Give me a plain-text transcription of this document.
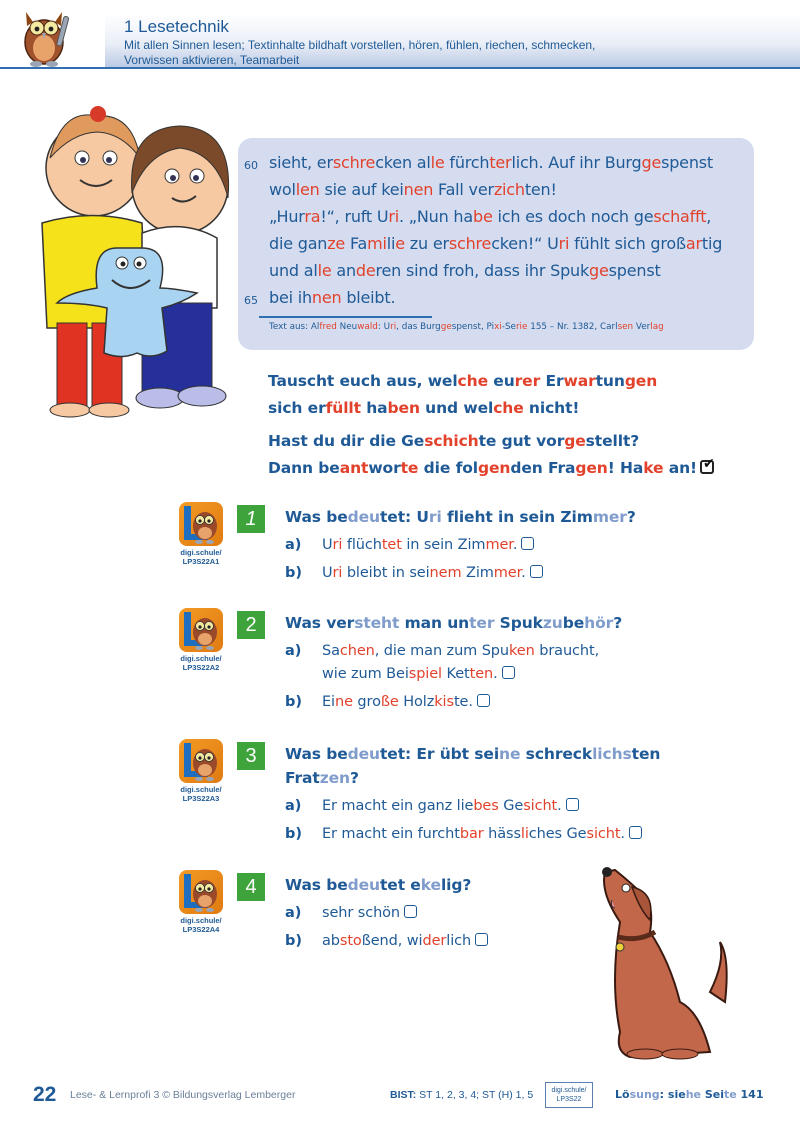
1 Lesetechnik
Mit allen Sinnen lesen; Textinhalte bildhaft vorstellen, hören, fühlen, riechen, schmecken,
Vorwissen aktivieren, Teamarbeit
60 sieht, erschrecken alle fürchterlich. Auf ihr Burggespenst
wollen sie auf keinen Fall verzichten!
„Hurra!“, ruft Uri. „Nun habe ich es doch noch geschafft,
die ganze Familie zu erschrecken!“ Uri fühlt sich großartig
und alle anderen sind froh, dass ihr Spukgespenst
65 bei ihnen bleibt.
Text aus: Alfred Neuwald: Uri, das Burggespenst, Pixi-Serie 155 – Nr. 1382, Carlsen Verlag
Tauscht euch aus, welche eurer Erwartungen
sich erfüllt haben und welche nicht!
Hast du dir die Geschichte gut vorgestellt?
Dann beantworte die folgenden Fragen! Hake an!✔
digi.schule/
LP3S22A1
1	Was bedeutet: Uri flieht in sein Zimmer?
a) Uri flüchtet in sein Zimmer.
b) Uri bleibt in seinem Zimmer.
digi.schule/
LP3S22A2
2	Was versteht man unter Spukzubehör?
a) Sachen, die man zum Spuken braucht,
wie zum Beispiel Ketten.
b) Eine große Holzkiste.
digi.schule/
LP3S22A3
3	Was bedeutet: Er übt seine schrecklichsten
Fratzen?
a) Er macht ein ganz liebes Gesicht.
b) Er macht ein furchtbar hässliches Gesicht.
digi.schule/
LP3S22A4
4	Was bedeutet ekelig?
a) sehr schön
b) abstoßend, widerlich
22 Lese- & Lernprofi 3 © Bildungsverlag Lemberger	BIST: ST 1, 2, 3, 4; ST (H) 1, 5	digi.schule/
LP3S22	Lösung: siehe Seite 141
